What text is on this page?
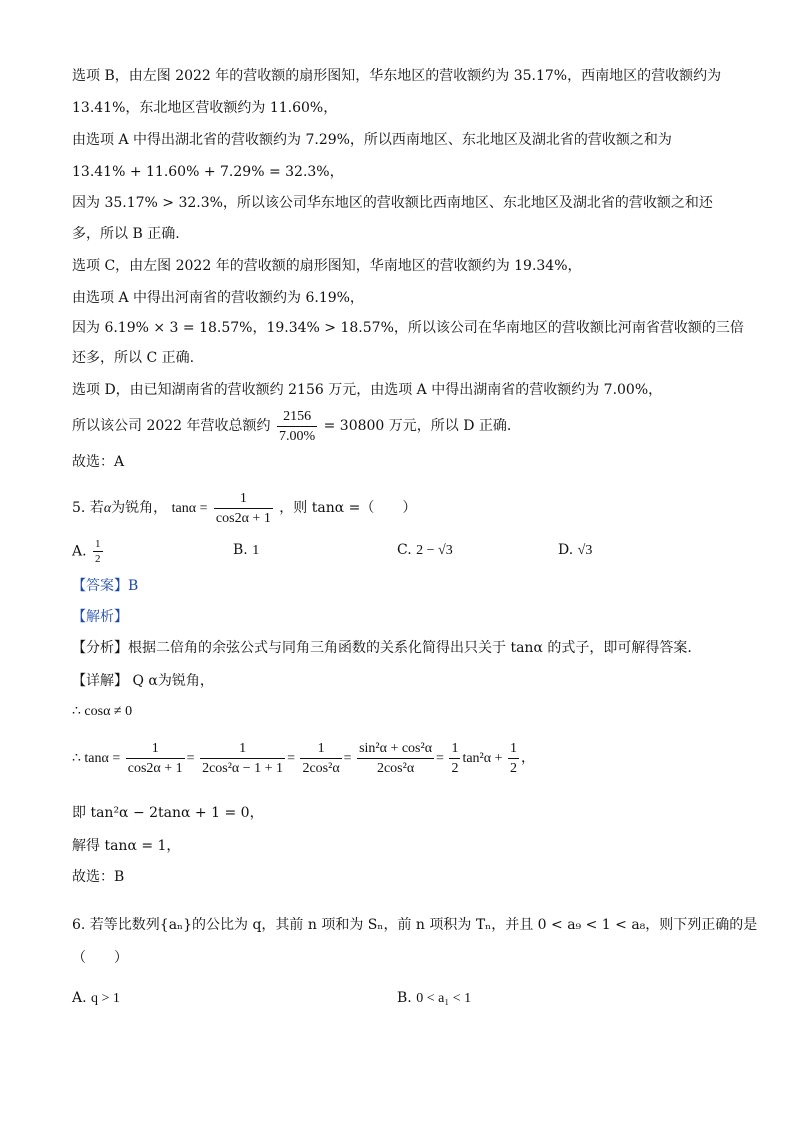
选项 B，由左图 2022 年的营收额的扇形图知，华东地区的营收额约为 35.17%，西南地区的营收额约为
13.41%，东北地区营收额约为 11.60%，
由选项 A 中得出湖北省的营收额约为 7.29%，所以西南地区、东北地区及湖北省的营收额之和为
13.41% + 11.60% + 7.29% = 32.3%，
因为 35.17% > 32.3%，所以该公司华东地区的营收额比西南地区、东北地区及湖北省的营收额之和还
多，所以 B 正确.
选项 C，由左图 2022 年的营收额的扇形图知，华南地区的营收额约为 19.34%，
由选项 A 中得出河南省的营收额约为 6.19%，
因为 6.19% × 3 = 18.57%，19.34% > 18.57%，所以该公司在华南地区的营收额比河南省营收额的三倍
还多，所以 C 正确.
选项 D，由已知湖南省的营收额约 2156 万元，由选项 A 中得出湖南省的营收额约为 7.00%，
所以该公司 2022 年营收总额约 $\frac{2156}{7.00\%} = 30800$ 万元，所以 D 正确.
故选：A
5. 若α为锐角， $\tan\alpha = \frac{1}{\cos 2\alpha + 1}$ ，则 tanα =（　　）
A. $\frac{1}{2}$	B. 1	C. 2 − √3	D. √3
【答案】B
【解析】
【分析】根据二倍角的余弦公式与同角三角函数的关系化简得出只关于 tanα 的式子，即可解得答案.
【详解】 Q α为锐角，
∴ cosα ≠ 0
∴ $\tan\alpha = \frac{1}{\cos 2\alpha + 1} = \frac{1}{\text{2cos²α − 1 + 1}} = \frac{1}{\text{2cos²α}} = \frac{\text{sin²α + cos²α}}{\text{2cos²α}} = \frac{1}{2} \tan^2\alpha + \frac{1}{2}$ ，
即 tan²α − 2tanα + 1 = 0，
解得 tanα = 1，
故选：B
6. 若等比数列{aₙ}的公比为 q，其前 n 项和为 Sₙ，前 n 项积为 Tₙ，并且 0 < a₉ < 1 < a₈，则下列正确的是
（　　）
A. q > 1	B. 0 < a₁ < 1
